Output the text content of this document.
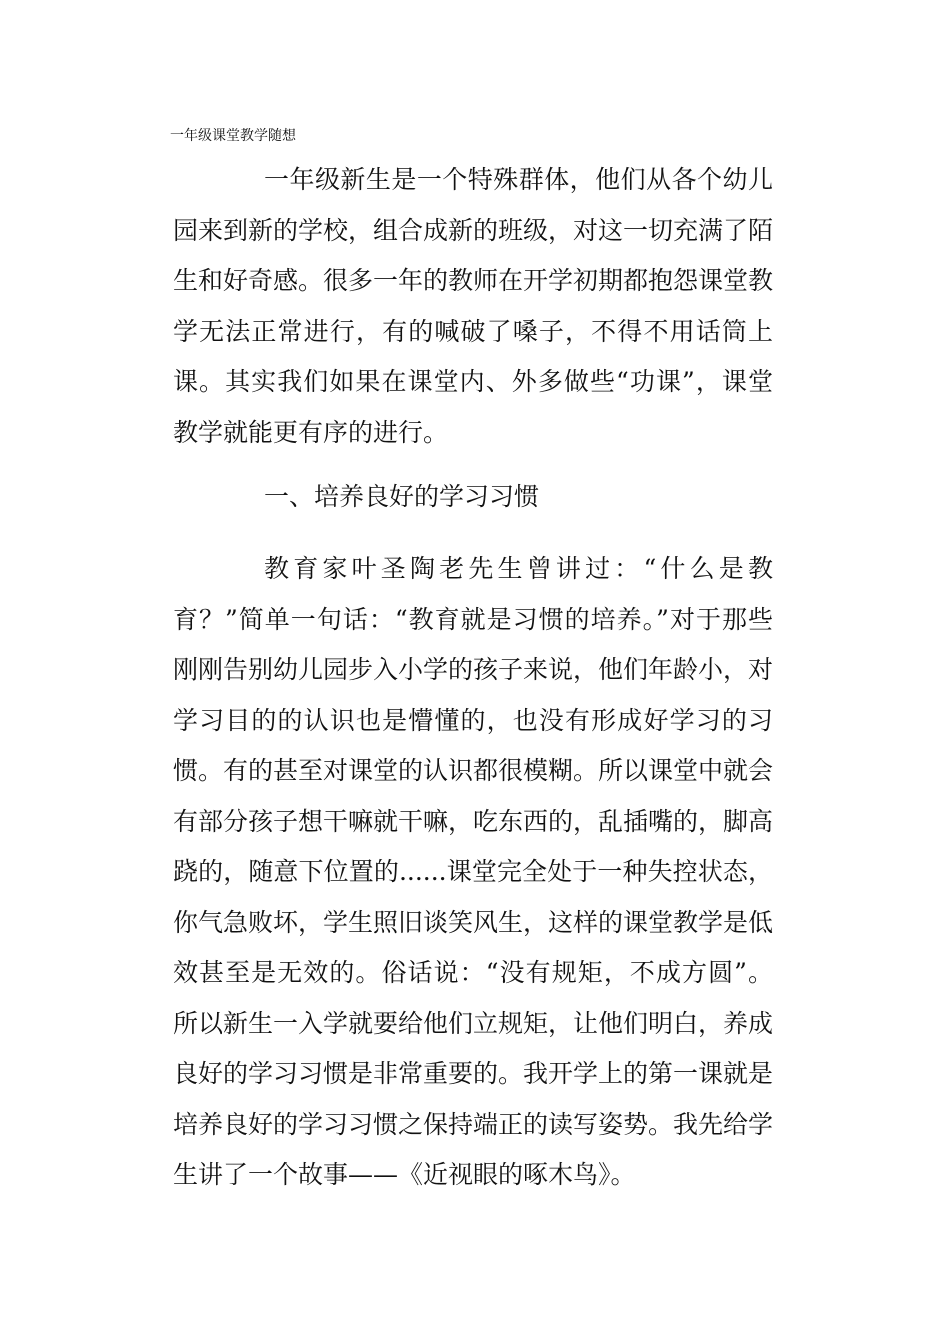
一年级课堂教学随想

一年级新生是一个特殊群体，他们从各个幼儿园来到新的学校，组合成新的班级，对这一切充满了陌生和好奇感。很多一年的教师在开学初期都抱怨课堂教学无法正常进行，有的喊破了嗓子，不得不用话筒上课。其实我们如果在课堂内、外多做些“功课”，课堂教学就能更有序的进行。

一、培养良好的学习习惯

教育家叶圣陶老先生曾讲过：“什么是教育？”简单一句话：“教育就是习惯的培养。”对于那些刚刚告别幼儿园步入小学的孩子来说，他们年龄小，对学习目的的认识也是懵懂的，也没有形成好学习的习惯。有的甚至对课堂的认识都很模糊。所以课堂中就会有部分孩子想干嘛就干嘛，吃东西的，乱插嘴的，脚高跷的，随意下位置的......课堂完全处于一种失控状态，你气急败坏，学生照旧谈笑风生，这样的课堂教学是低效甚至是无效的。俗话说：“没有规矩，不成方圆”。所以新生一入学就要给他们立规矩，让他们明白，养成良好的学习习惯是非常重要的。我开学上的第一课就是培养良好的学习习惯之保持端正的读写姿势。我先给学生讲了一个故事——《近视眼的啄木鸟》。
